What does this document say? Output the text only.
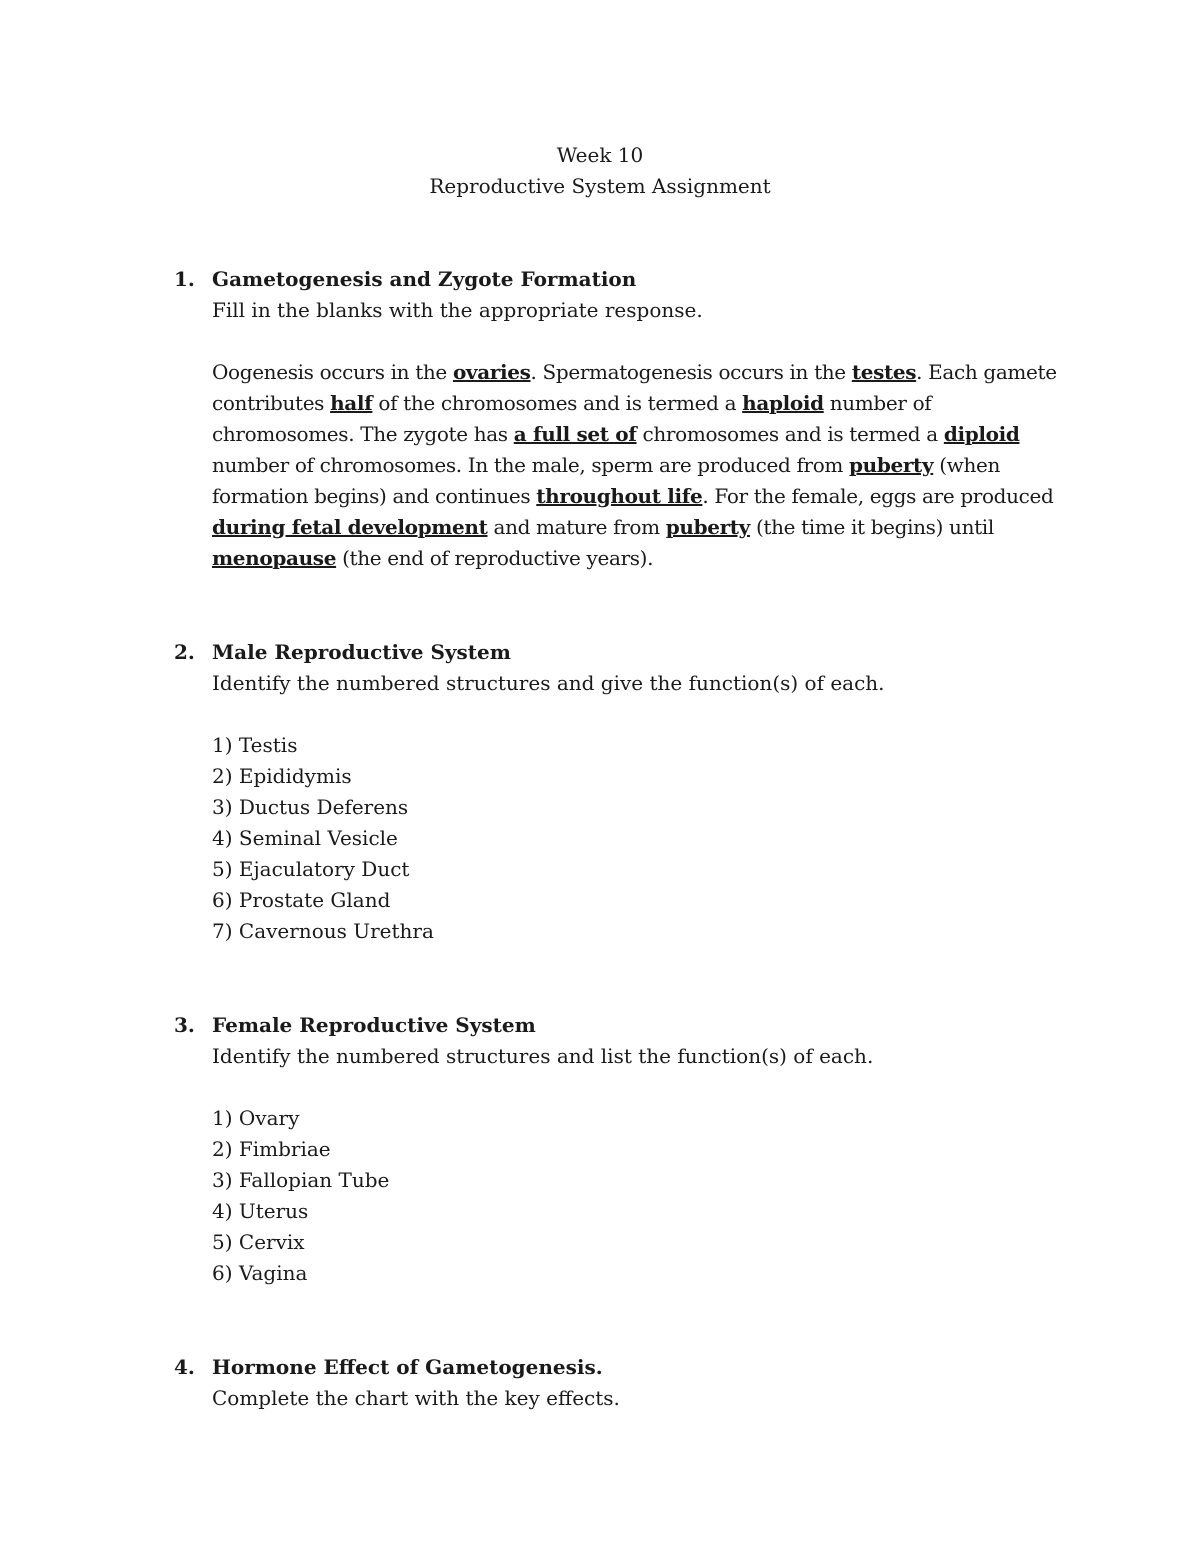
Week 10
Reproductive System Assignment
1. Gametogenesis and Zygote Formation
Fill in the blanks with the appropriate response.

Oogenesis occurs in the ovaries. Spermatogenesis occurs in the testes. Each gamete contributes half of the chromosomes and is termed a haploid number of chromosomes. The zygote has a full set of chromosomes and is termed a diploid number of chromosomes. In the male, sperm are produced from puberty (when formation begins) and continues throughout life. For the female, eggs are produced during fetal development and mature from puberty (the time it begins) until menopause (the end of reproductive years).

2. Male Reproductive System
Identify the numbered structures and give the function(s) of each.
1) Testis
2) Epididymis
3) Ductus Deferens
4) Seminal Vesicle
5) Ejaculatory Duct
6) Prostate Gland
7) Cavernous Urethra
3. Female Reproductive System
Identify the numbered structures and list the function(s) of each.
1) Ovary
2) Fimbriae
3) Fallopian Tube
4) Uterus
5) Cervix
6) Vagina
4. Hormone Effect of Gametogenesis.
Complete the chart with the key effects.
